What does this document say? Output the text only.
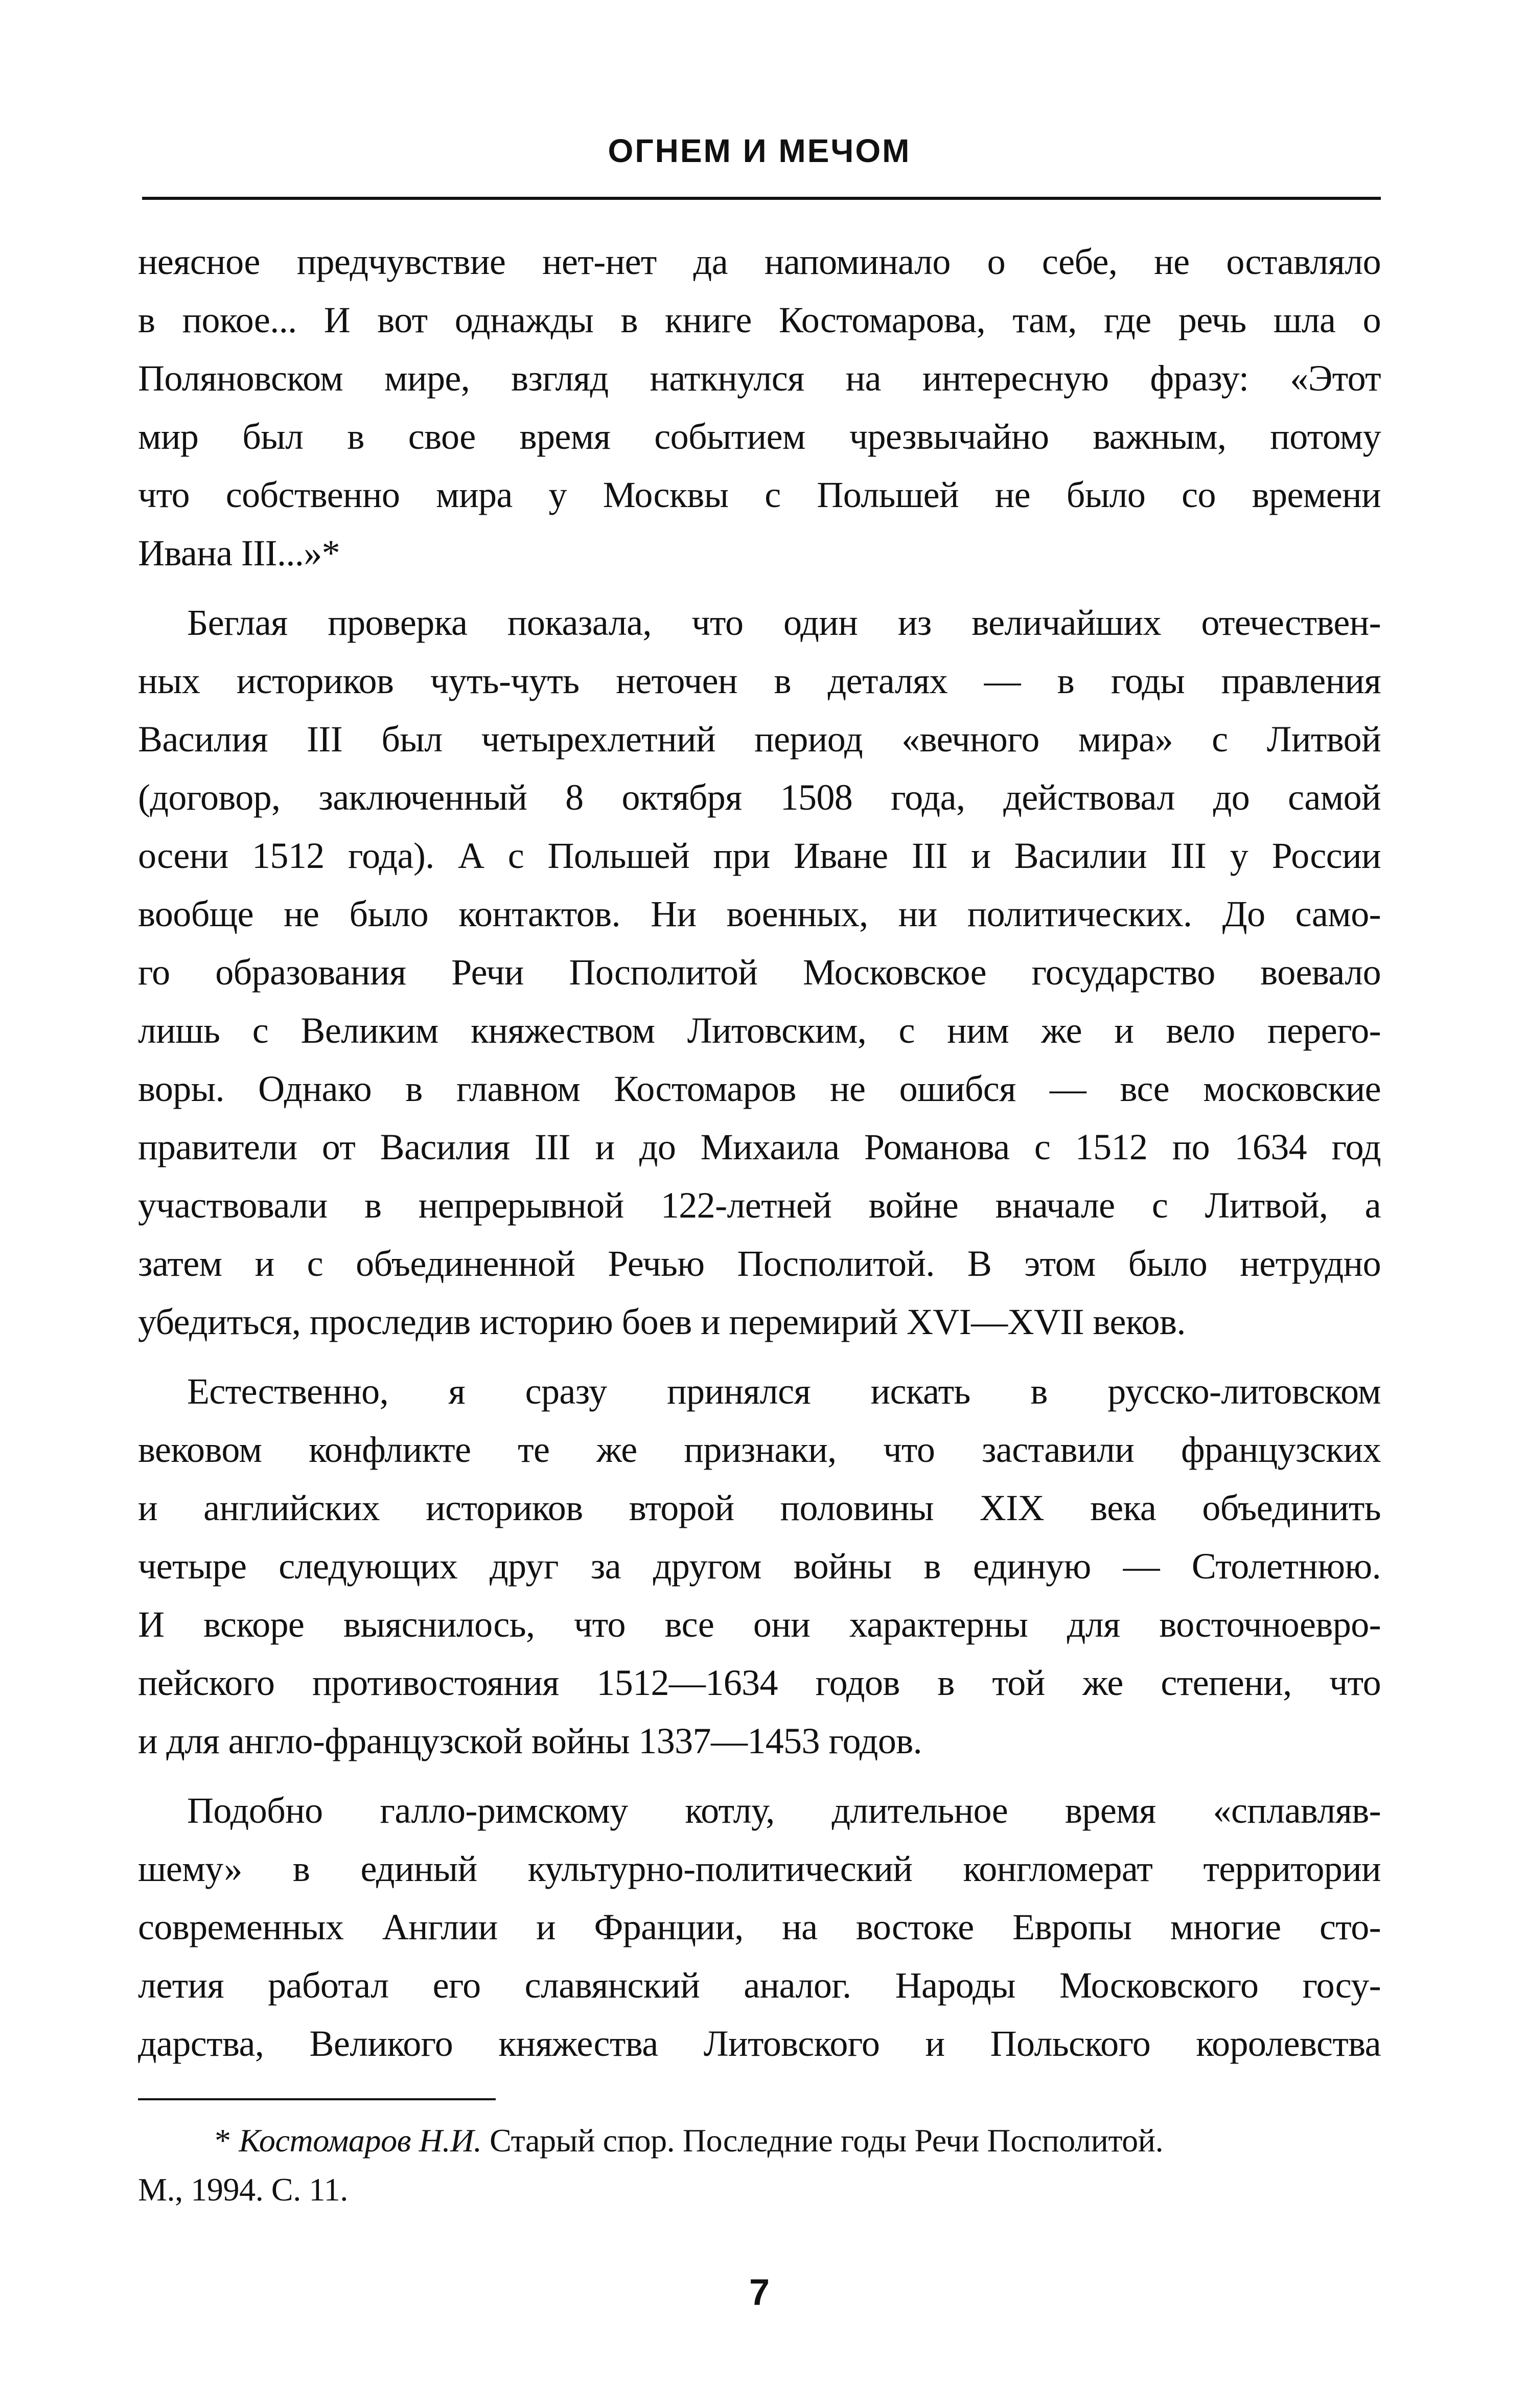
ОГНЕМ И МЕЧОМ

неясное предчувствие нет-нет да напоминало о себе, не оставляло

в покое... И вот однажды в книге Костомарова, там, где речь шла о

Поляновском мире, взгляд наткнулся на интересную фразу: «Этот

мир был в свое время событием чрезвычайно важным, потому

что собственно мира у Москвы с Польшей не было со времени

Ивана III...»*

Беглая проверка показала, что один из величайших отечествен-

ных историков чуть-чуть неточен в деталях — в годы правления

Василия III был четырехлетний период «вечного мира» с Литвой

(договор, заключенный 8 октября 1508 года, действовал до самой

осени 1512 года). А с Польшей при Иване III и Василии III у России

вообще не было контактов. Ни военных, ни политических. До само-

го образования Речи Посполитой Московское государство воевало

лишь с Великим княжеством Литовским, с ним же и вело перего-

воры. Однако в главном Костомаров не ошибся — все московские

правители от Василия III и до Михаила Романова с 1512 по 1634 год

участвовали в непрерывной 122-летней войне вначале с Литвой, а

затем и с объединенной Речью Посполитой. В этом было нетрудно

убедиться, проследив историю боев и перемирий XVI—XVII веков.

Естественно, я сразу принялся искать в русско-литовском

вековом конфликте те же признаки, что заставили французских

и английских историков второй половины XIX века объединить

четыре следующих друг за другом войны в единую — Столетнюю.

И вскоре выяснилось, что все они характерны для восточноевро-

пейского противостояния 1512—1634 годов в той же степени, что

и для англо-французской войны 1337—1453 годов.

Подобно галло-римскому котлу, длительное время «сплавляв-

шему» в единый культурно-политический конгломерат территории

современных Англии и Франции, на востоке Европы многие сто-

летия работал его славянский аналог. Народы Московского госу-

дарства, Великого княжества Литовского и Польского королевства

* Костомаров Н.И. Старый спор. Последние годы Речи Посполитой.
М., 1994. С. 11.
7
